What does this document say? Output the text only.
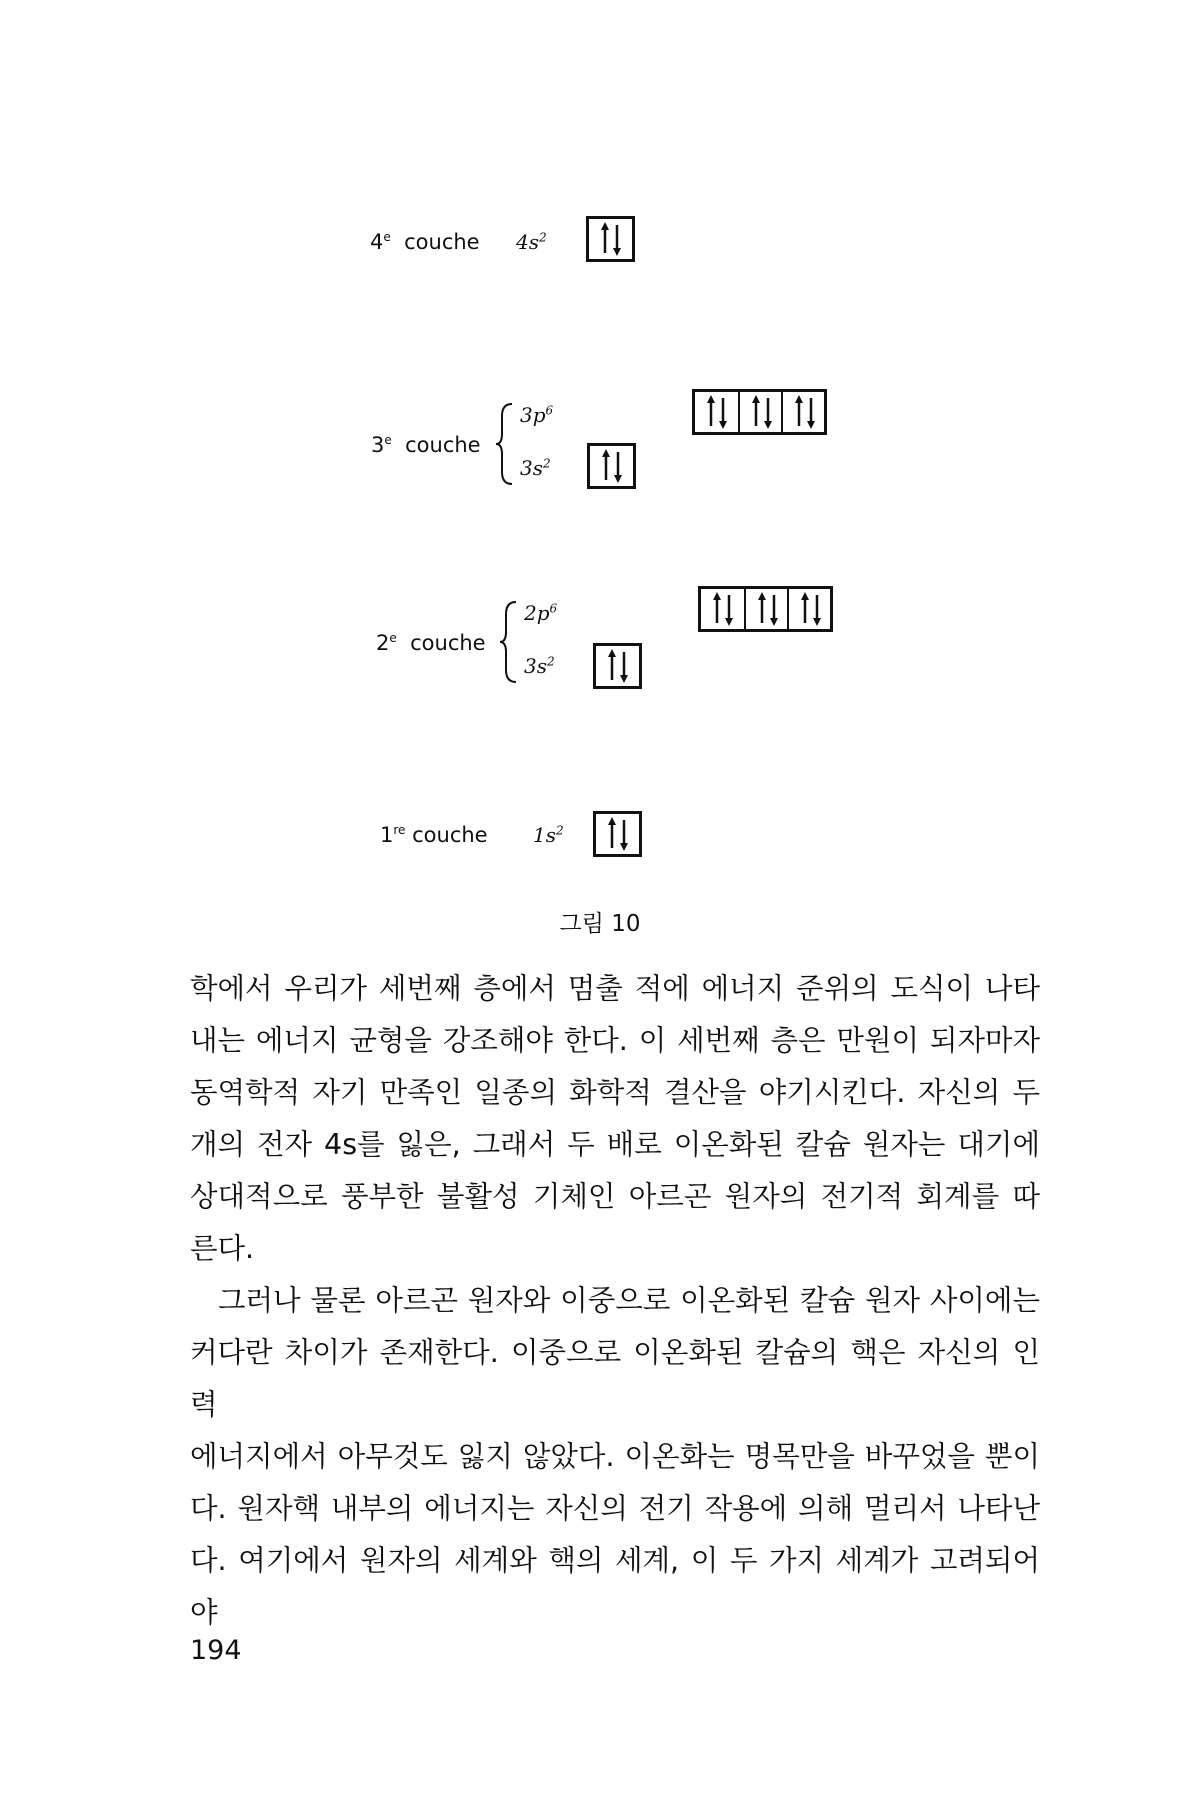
4e couche $4s^2$
3e couche
$3p^6$
$3s^2$
2e couche
$2p^6$
$3s^2$
1re couche $1s^2$
그림 10

학에서 우리가 세번째 층에서 멈출 적에 에너지 준위의 도식이 나타

내는 에너지 균형을 강조해야 한다. 이 세번째 층은 만원이 되자마자

동역학적 자기 만족인 일종의 화학적 결산을 야기시킨다. 자신의 두

개의 전자 4s를 잃은, 그래서 두 배로 이온화된 칼슘 원자는 대기에

상대적으로 풍부한 불활성 기체인 아르곤 원자의 전기적 회계를 따

른다.

그러나 물론 아르곤 원자와 이중으로 이온화된 칼슘 원자 사이에는

커다란 차이가 존재한다. 이중으로 이온화된 칼슘의 핵은 자신의 인력

에너지에서 아무것도 잃지 않았다. 이온화는 명목만을 바꾸었을 뿐이

다. 원자핵 내부의 에너지는 자신의 전기 작용에 의해 멀리서 나타난

다. 여기에서 원자의 세계와 핵의 세계, 이 두 가지 세계가 고려되어야

194
